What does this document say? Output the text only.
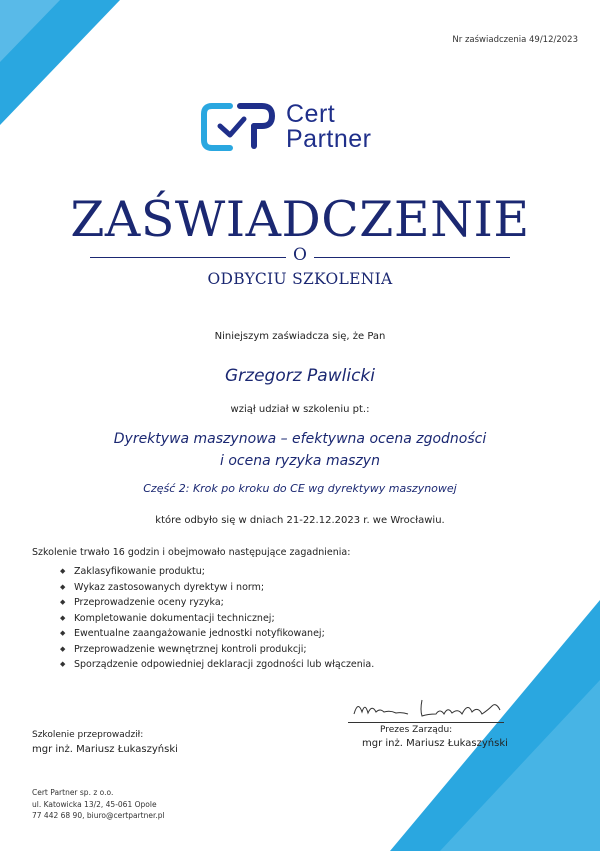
Nr zaświadczenia 49/12/2023
Cert
Partner
ZAŚWIADCZENIE
O
ODBYCIU SZKOLENIA
Niniejszym zaświadcza się, że Pan
Grzegorz Pawlicki
wziął udział w szkoleniu pt.:
Dyrektywa maszynowa – efektywna ocena zgodności
i ocena ryzyka maszyn
Część 2: Krok po kroku do CE wg dyrektywy maszynowej
które odbyło się w dniach 21-22.12.2023 r. we Wrocławiu.
Szkolenie trwało 16 godzin i obejmowało następujące zagadnienia:
◆ Zaklasyfikowanie produktu;
◆ Wykaz zastosowanych dyrektyw i norm;
◆ Przeprowadzenie oceny ryzyka;
◆ Kompletowanie dokumentacji technicznej;
◆ Ewentualne zaangażowanie jednostki notyfikowanej;
◆ Przeprowadzenie wewnętrznej kontroli produkcji;
◆ Sporządzenie odpowiedniej deklaracji zgodności lub włączenia.
Prezes Zarządu:
mgr inż. Mariusz Łukaszyński
Szkolenie przeprowadził:
mgr inż. Mariusz Łukaszyński
Cert Partner sp. z o.o.
ul. Katowicka 13/2, 45-061 Opole
77 442 68 90, biuro@certpartner.pl
